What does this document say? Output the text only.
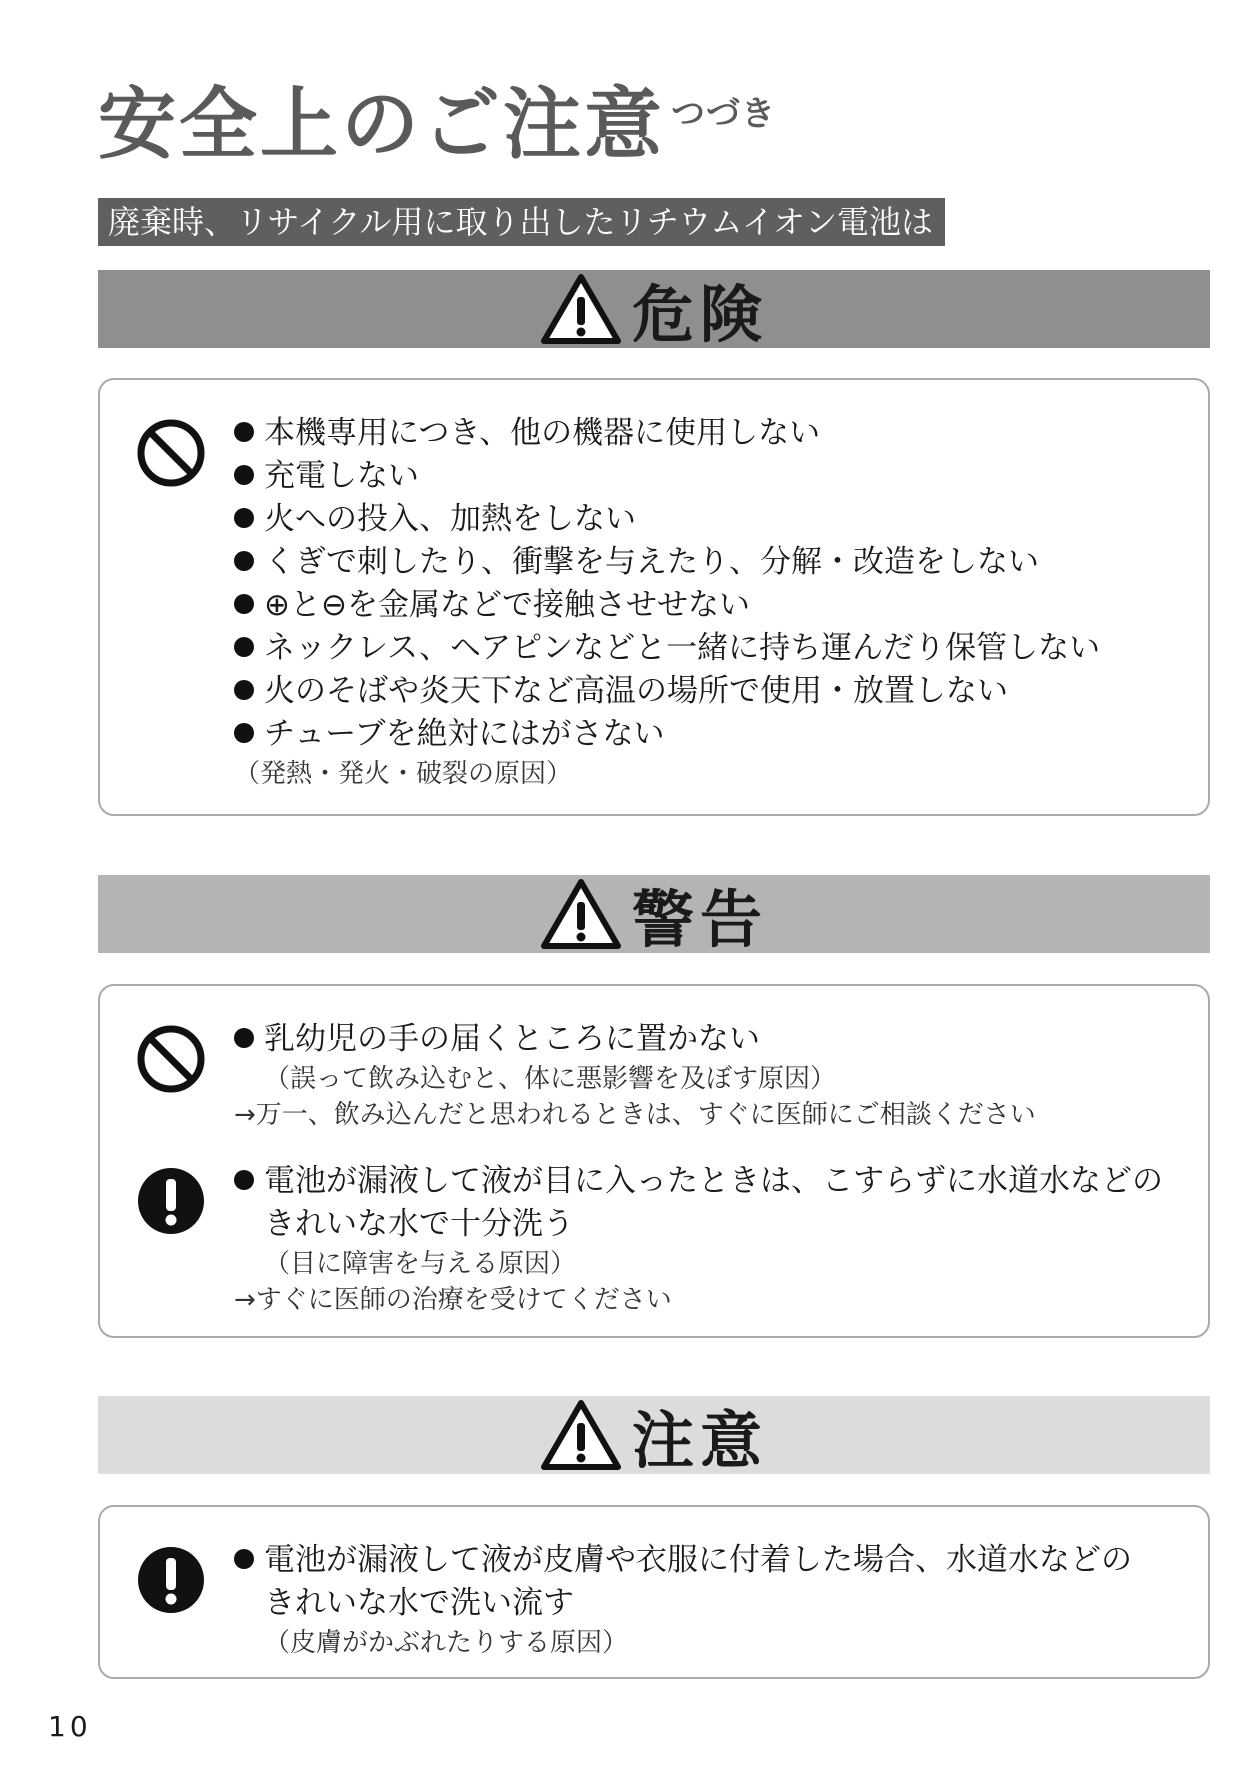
安全上のご注意 $^{つづき}$
廃棄時、リサイクル用に取り出したリチウムイオン電池は
危険
本機専用につき、他の機器に使用しない
充電しない
火への投入、加熱をしない
くぎで刺したり、衝撃を与えたり、分解・改造をしない
⊕と⊖を金属などで接触させせない
ネックレス、ヘアピンなどと一緒に持ち運んだり保管しない
火のそばや炎天下など高温の場所で使用・放置しない
チューブを絶対にはがさない
（発熱・発火・破裂の原因）
警告
乳幼児の手の届くところに置かない
（誤って飲み込むと、体に悪影響を及ぼす原因）
→万一、飲み込んだと思われるときは、すぐに医師にご相談ください
電池が漏液して液が目に入ったときは、こすらずに水道水などの
きれいな水で十分洗う
（目に障害を与える原因）
→すぐに医師の治療を受けてください
注意
電池が漏液して液が皮膚や衣服に付着した場合、水道水などの
きれいな水で洗い流す
（皮膚がかぶれたりする原因）
10
